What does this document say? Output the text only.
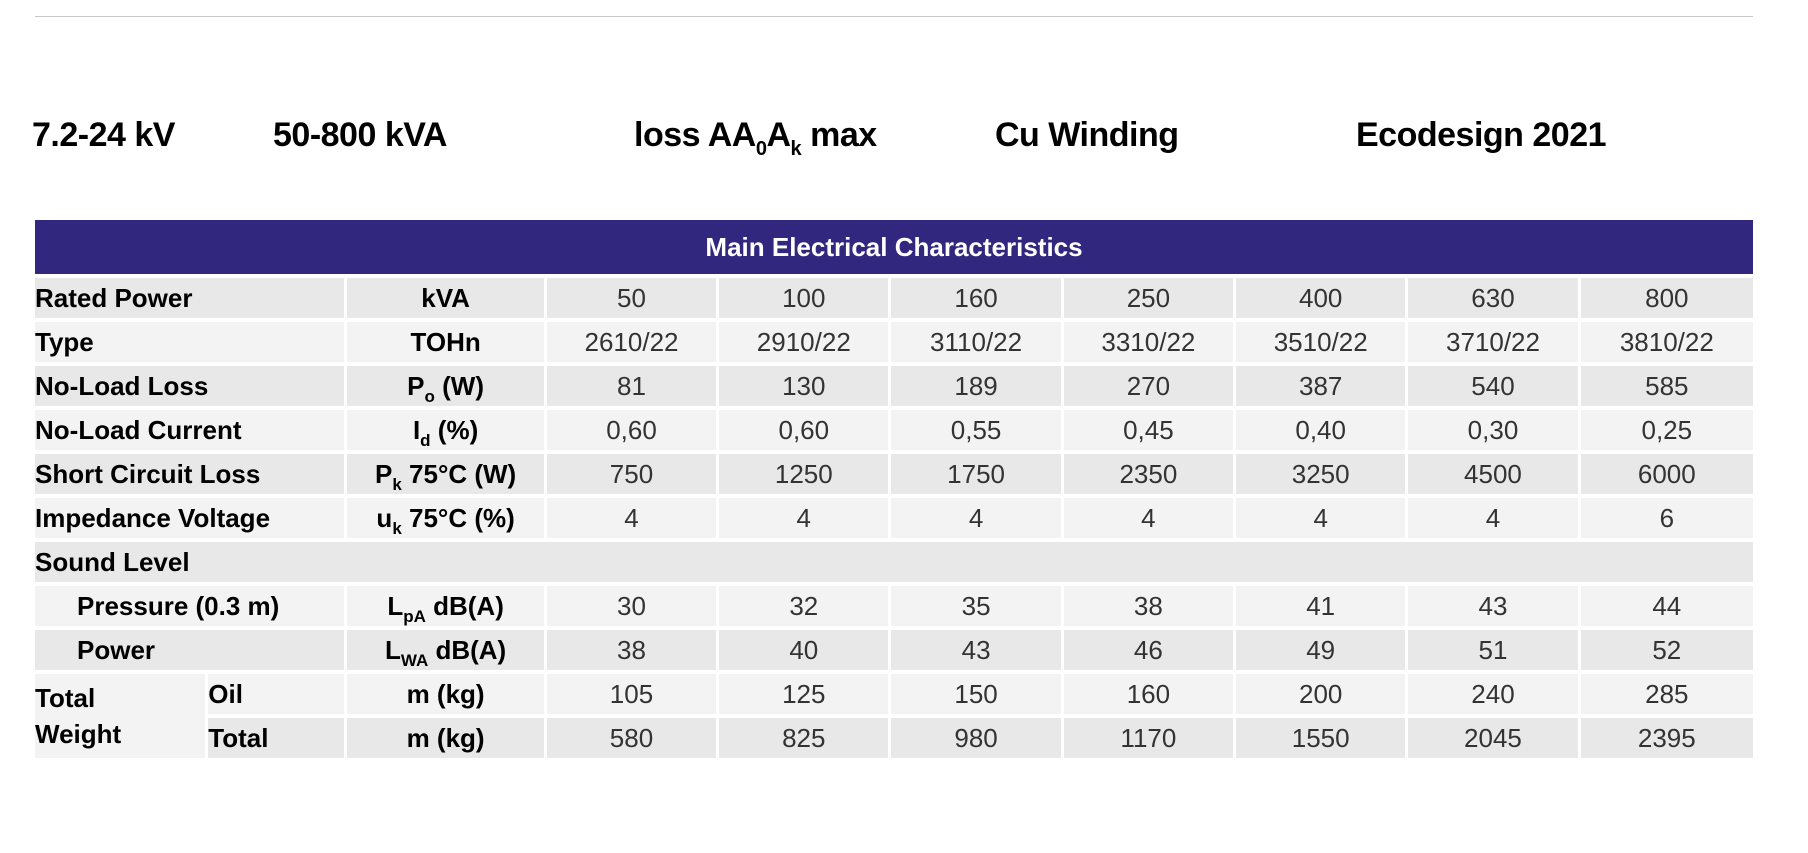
7.2-24 kV	50-800 kVA	loss $AA_0A_k$ max	Cu Winding	Ecodesign 2021
Main Electrical Characteristics									
Rated Power		kVA	50	100	160	250	400	630	800
Type		TOHn	2610/22	2910/22	3110/22	3310/22	3510/22	3710/22	3810/22
No-Load Loss		$P_o$ (W)	81	130	189	270	387	540	585
No-Load Current		$I_d$ (%)	0,60	0,60	0,55	0,45	0,40	0,30	0,25
Short Circuit Loss		$P_k$ 75°C (W)	750	1250	1750	2350	3250	4500	6000
Impedance Voltage		$u_k$ 75°C (%)	4	4	4	4	4	4	6
Sound Level									
Pressure (0.3 m)		$L_{pA}$ dB(A)	30	32	35	38	41	43	44
Power		$L_{WA}$ dB(A)	38	40	43	46	49	51	52

Total
Weight	Oil	m (kg)	105	125	150	160	200	240	285
	Total	m (kg)	580	825	980	1170	1550	2045	2395
